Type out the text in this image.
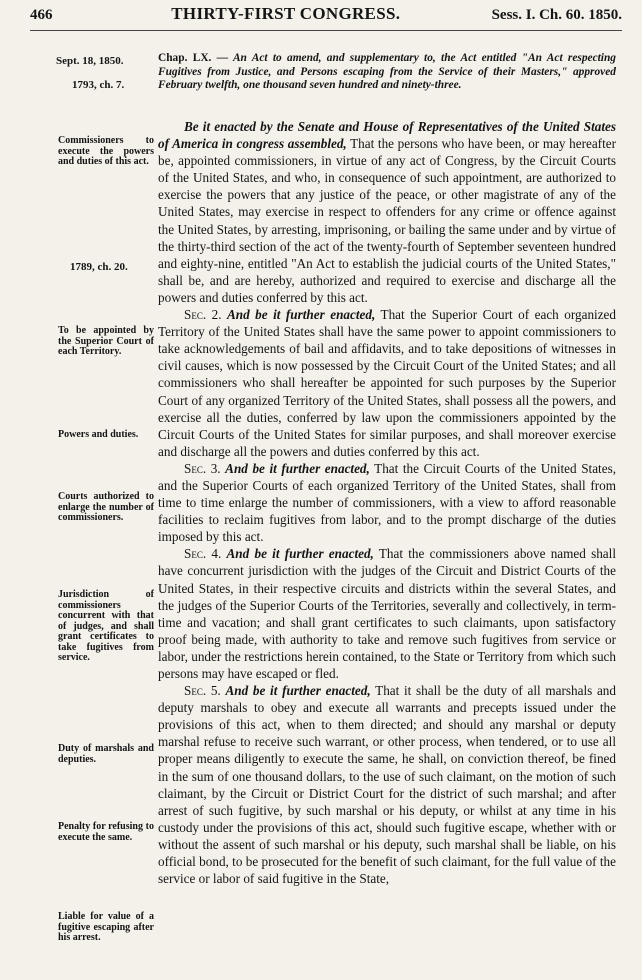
466	THIRTY-FIRST CONGRESS.	Sess. I. Ch. 60. 1850.
Sept. 18, 1850.
1793, ch. 7.
Commissioners to execute the powers and duties of this act.
1789, ch. 20.
To be appointed by the Superior Court of each Territory.
Powers and duties.
Courts authorized to enlarge the number of commissioners.
Jurisdiction of commissioners concurrent with that of judges, and shall grant certificates to take fugitives from service.
Duty of marshals and deputies.
Penalty for refusing to execute the same.
Liable for value of a fugitive escaping after his arrest.
Chap. LX. — An Act to amend, and supplementary to, the Act entitled "An Act respecting Fugitives from Justice, and Persons escaping from the Service of their Masters," approved February twelfth, one thousand seven hundred and ninety-three.

Be it enacted by the Senate and House of Representatives of the United States of America in congress assembled, That the persons who have been, or may hereafter be, appointed commissioners, in virtue of any act of Congress, by the Circuit Courts of the United States, and who, in consequence of such appointment, are authorized to exercise the powers that any justice of the peace, or other magistrate of any of the United States, may exercise in respect to offenders for any crime or offence against the United States, by arresting, imprisoning, or bailing the same under and by virtue of the thirty-third section of the act of the twenty-fourth of September seventeen hundred and eighty-nine, entitled "An Act to establish the judicial courts of the United States," shall be, and are hereby, authorized and required to exercise and discharge all the powers and duties conferred by this act.

Sec. 2. And be it further enacted, That the Superior Court of each organized Territory of the United States shall have the same power to appoint commissioners to take acknowledgements of bail and affidavits, and to take depositions of witnesses in civil causes, which is now possessed by the Circuit Court of the United States; and all commissioners who shall hereafter be appointed for such purposes by the Superior Court of any organized Territory of the United States, shall possess all the powers, and exercise all the duties, conferred by law upon the commissioners appointed by the Circuit Courts of the United States for similar purposes, and shall moreover exercise and discharge all the powers and duties conferred by this act.

Sec. 3. And be it further enacted, That the Circuit Courts of the United States, and the Superior Courts of each organized Territory of the United States, shall from time to time enlarge the number of commissioners, with a view to afford reasonable facilities to reclaim fugitives from labor, and to the prompt discharge of the duties imposed by this act.

Sec. 4. And be it further enacted, That the commissioners above named shall have concurrent jurisdiction with the judges of the Circuit and District Courts of the United States, in their respective circuits and districts within the several States, and the judges of the Superior Courts of the Territories, severally and collectively, in term-time and vacation; and shall grant certificates to such claimants, upon satisfactory proof being made, with authority to take and remove such fugitives from service or labor, under the restrictions herein contained, to the State or Territory from which such persons may have escaped or fled.

Sec. 5. And be it further enacted, That it shall be the duty of all marshals and deputy marshals to obey and execute all warrants and precepts issued under the provisions of this act, when to them directed; and should any marshal or deputy marshal refuse to receive such warrant, or other process, when tendered, or to use all proper means diligently to execute the same, he shall, on conviction thereof, be fined in the sum of one thousand dollars, to the use of such claimant, on the motion of such claimant, by the Circuit or District Court for the district of such marshal; and after arrest of such fugitive, by such marshal or his deputy, or whilst at any time in his custody under the provisions of this act, should such fugitive escape, whether with or without the assent of such marshal or his deputy, such marshal shall be liable, on his official bond, to be prosecuted for the benefit of such claimant, for the full value of the service or labor of said fugitive in the State,
